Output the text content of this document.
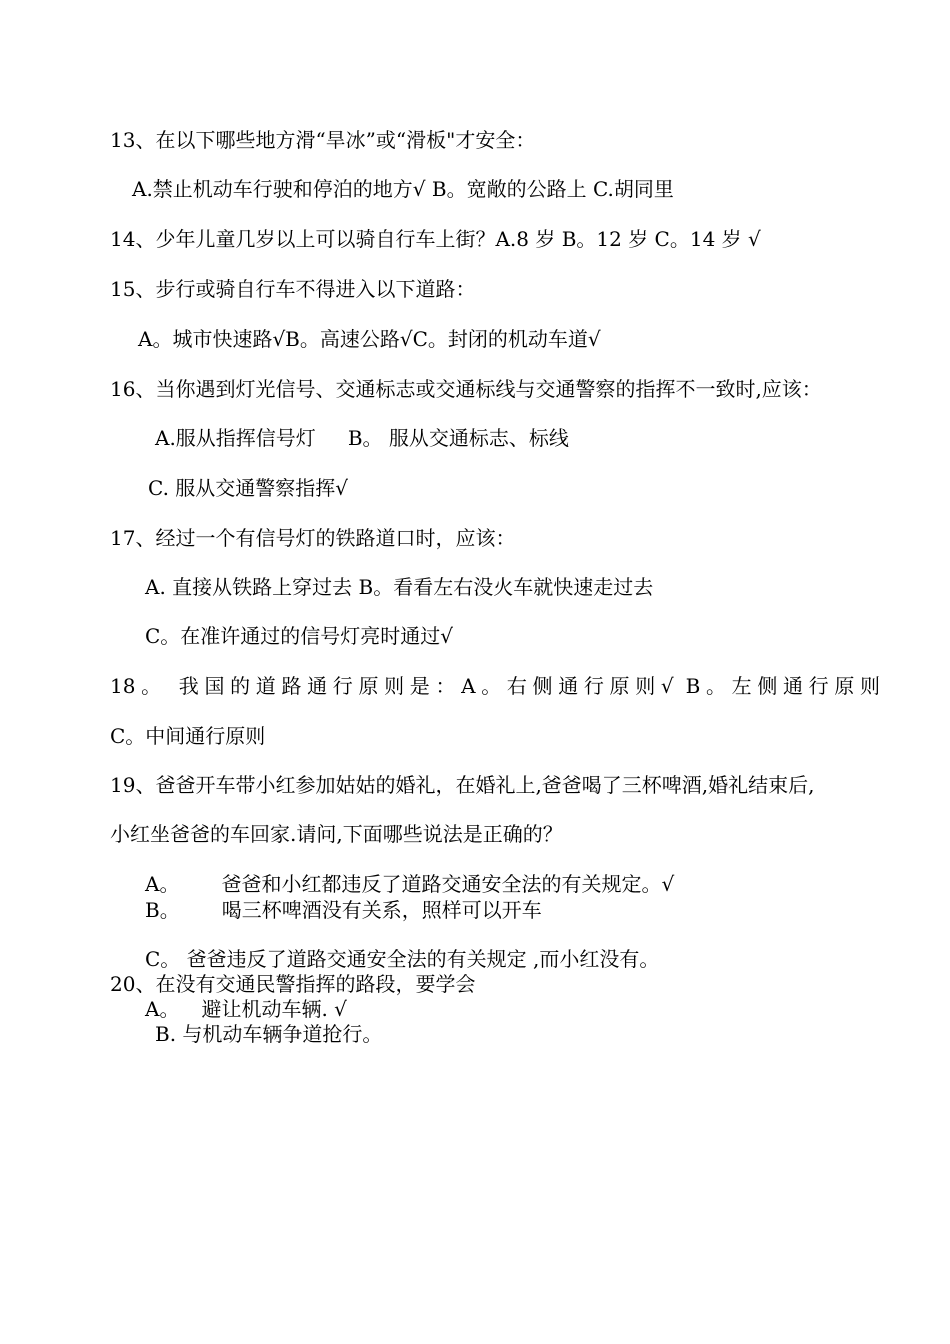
13、在以下哪些地方滑“旱冰”或“滑板"才安全：
A.禁止机动车行驶和停泊的地方√ B。宽敞的公路上 C.胡同里
14、少年儿童几岁以上可以骑自行车上街？A.8 岁 B。12 岁 C。14 岁 √
15、步行或骑自行车不得进入以下道路：
A。城市快速路√B。高速公路√C。封闭的机动车道√
16、当你遇到灯光信号、交通标志或交通标线与交通警察的指挥不一致时,应该：
A.服从指挥信号灯 B。 服从交通标志、标线
C. 服从交通警察指挥√
17、经过一个有信号灯的铁路道口时，应该：
A. 直接从铁路上穿过去 B。看看左右没火车就快速走过去
C。在准许通过的信号灯亮时通过√
18。 我国的道路通行原则是：A。右侧通行原则√ B。左侧通行原则
C。中间通行原则
19、爸爸开车带小红参加姑姑的婚礼，在婚礼上,爸爸喝了三杯啤酒,婚礼结束后,
小红坐爸爸的车回家.请问,下面哪些说法是正确的？
A。 爸爸和小红都违反了道路交通安全法的有关规定。√
B。 喝三杯啤酒没有关系，照样可以开车
C。 爸爸违反了道路交通安全法的有关规定 ,而小红没有。
20、在没有交通民警指挥的路段，要学会
A。 避让机动车辆. √
B. 与机动车辆争道抢行。
